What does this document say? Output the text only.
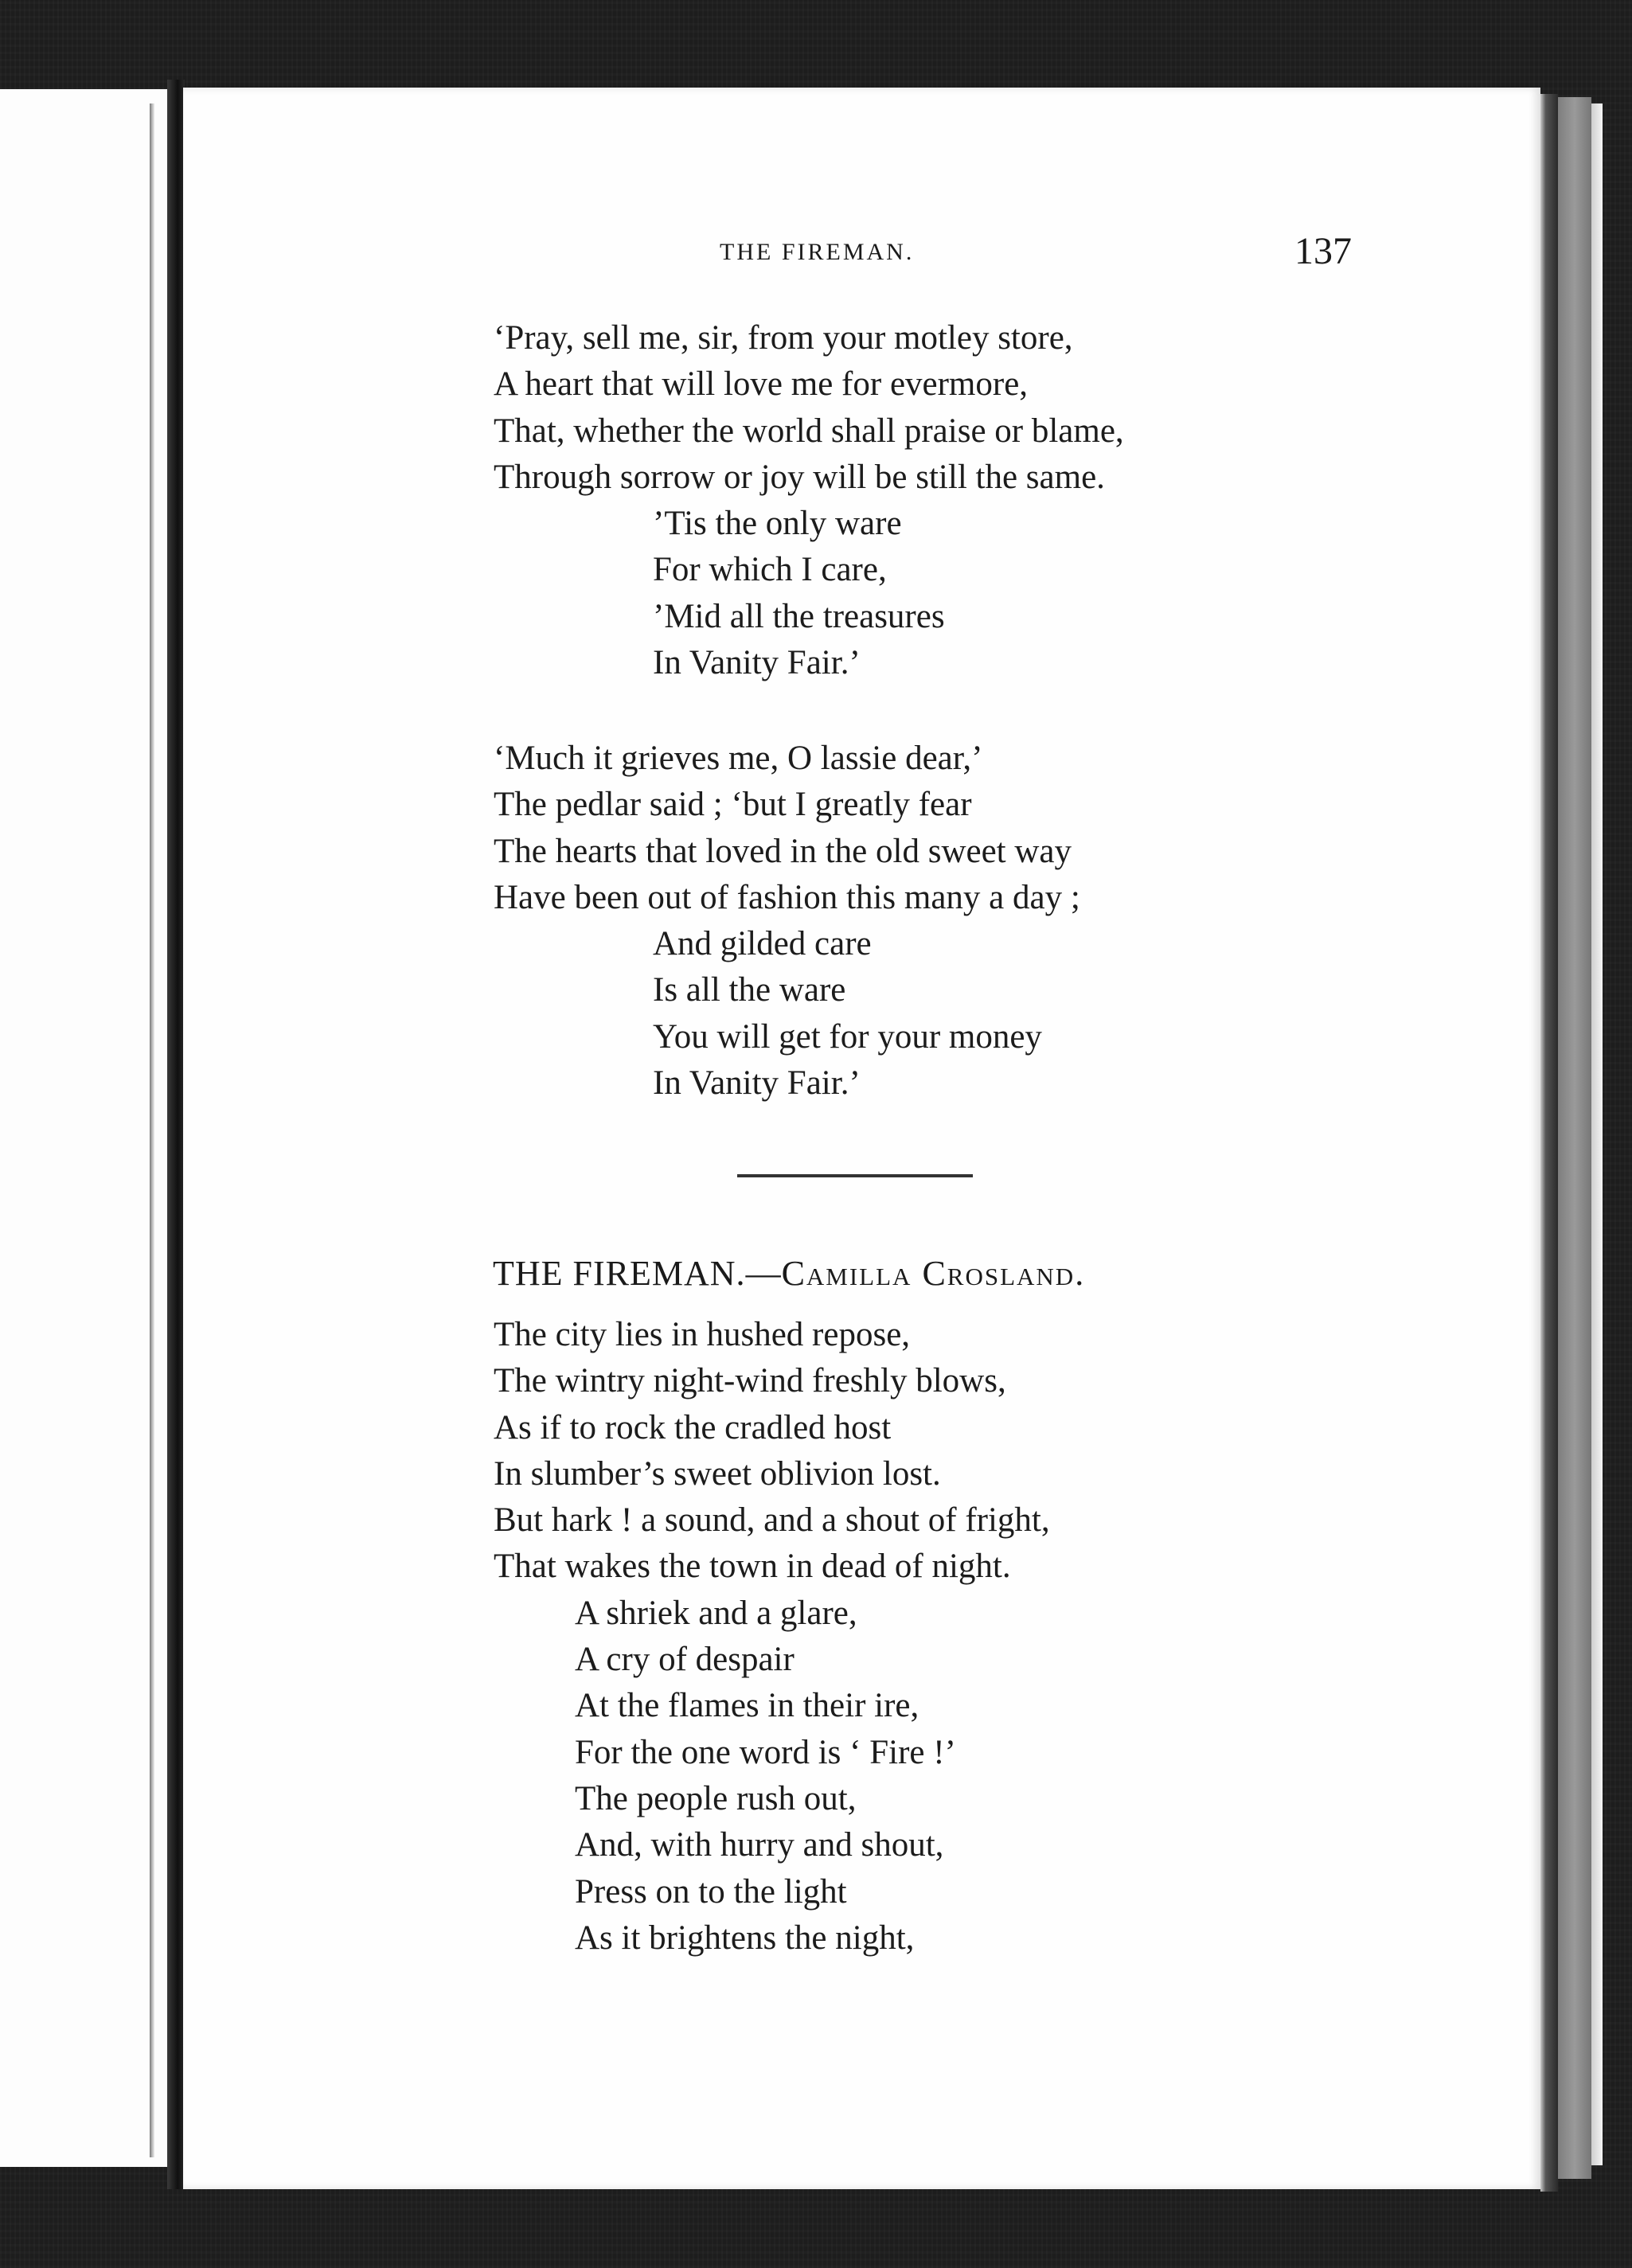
THE FIREMAN.	137
‘Pray, sell me, sir, from your motley store,
A heart that will love me for evermore,
That, whether the world shall praise or blame,
Through sorrow or joy will be still the same.
’Tis the only ware
For which I care,
’Mid all the treasures
In Vanity Fair.’
‘Much it grieves me, O lassie dear,’
The pedlar said ; ‘but I greatly fear
The hearts that loved in the old sweet way
Have been out of fashion this many a day ;
And gilded care
Is all the ware
You will get for your money
In Vanity Fair.’
THE FIREMAN.—Camilla Crosland.
The city lies in hushed repose,
The wintry night-wind freshly blows,
As if to rock the cradled host
In slumber’s sweet oblivion lost.
But hark ! a sound, and a shout of fright,
That wakes the town in dead of night.
A shriek and a glare,
A cry of despair
At the flames in their ire,
For the one word is ‘ Fire !’
The people rush out,
And, with hurry and shout,
Press on to the light
As it brightens the night,
